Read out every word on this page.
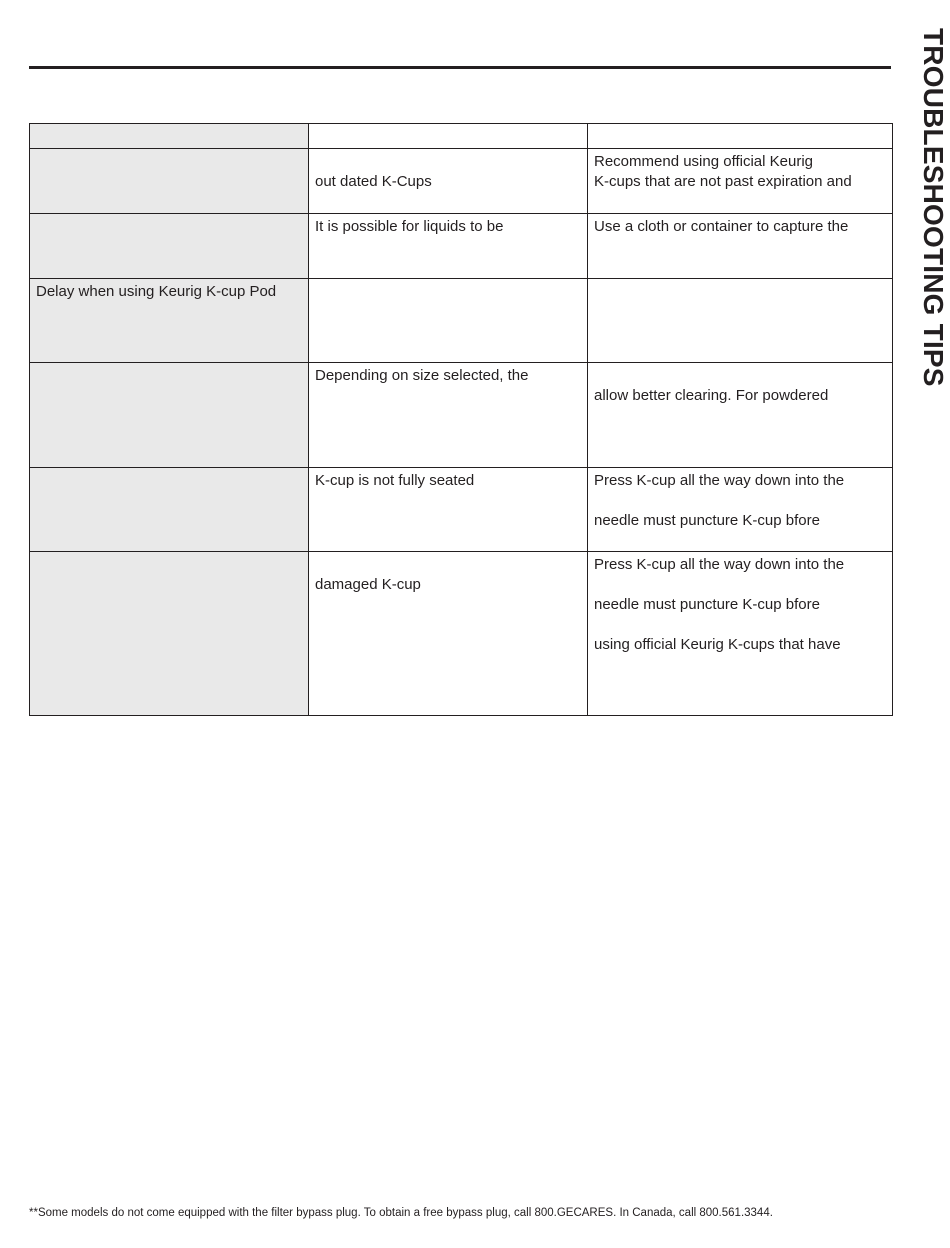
TROUBLESHOOTING TIPS

	out dated K-Cups	Recommend using official Keurig
K-cups that are not past expiration and

	It is possible for liquids to be	Use a cloth or container to capture the

Delay when using Keurig K-cup Pod		

	Depending on size selected, the	allow better clearing. For powdered

	K-cup is not fully seated	Press K-cup all the way down into the
needle must puncture K-cup bfore

	damaged K-cup	Press K-cup all the way down into the
needle must puncture K-cup bfore
using official Keurig K-cups that have
**Some models do not come equipped with the filter bypass plug. To obtain a free bypass plug, call 800.GECARES. In Canada, call 800.561.3344.
